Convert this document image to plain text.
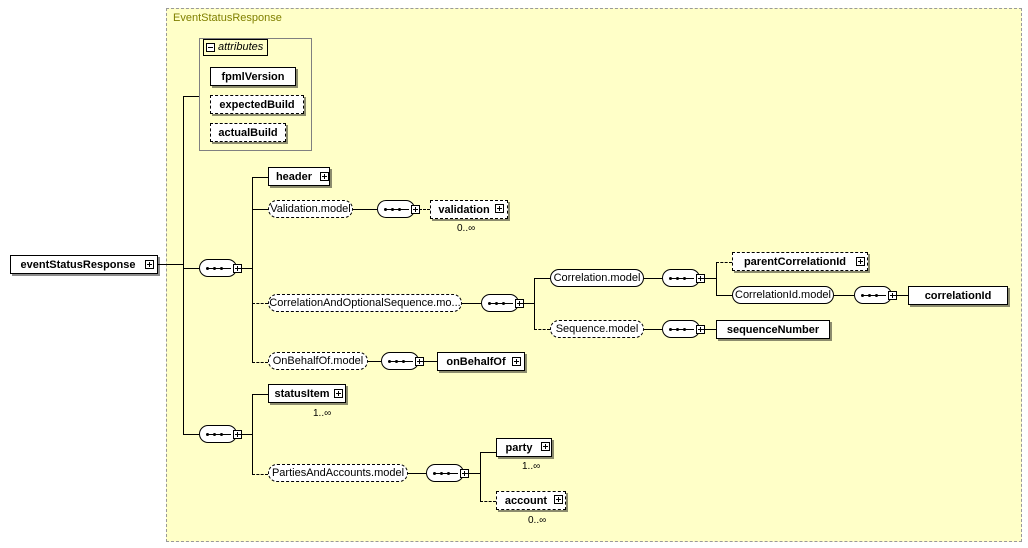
EventStatusResponse
eventStatusResponse
attributes
fpmlVersion
expectedBuild
actualBuild
header
Validation.model	validation
0..∞
CorrelationAndOptionalSequence.mo...
Correlation.model
parentCorrelationId
CorrelationId.model	correlationId
Sequence.model	sequenceNumber
OnBehalfOf.model	onBehalfOf
statusItem
1..∞
PartiesAndAccounts.model
party
1..∞
account
0..∞
